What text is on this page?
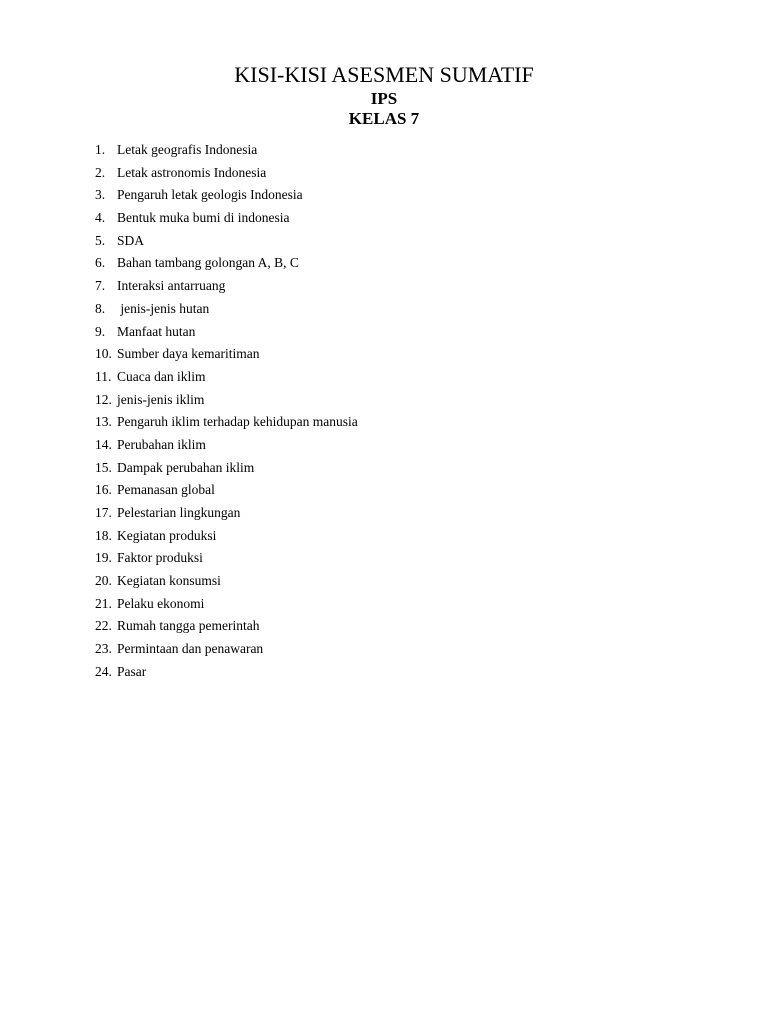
KISI-KISI ASESMEN SUMATIF
IPS
KELAS 7
1. Letak geografis Indonesia
2. Letak astronomis Indonesia
3. Pengaruh letak geologis Indonesia
4. Bentuk muka bumi di indonesia
5. SDA
6. Bahan tambang golongan A, B, C
7. Interaksi antarruang
8. jenis-jenis hutan
9. Manfaat hutan
10. Sumber daya kemaritiman
11. Cuaca dan iklim
12. jenis-jenis iklim
13. Pengaruh iklim terhadap kehidupan manusia
14. Perubahan iklim
15. Dampak perubahan iklim
16. Pemanasan global
17. Pelestarian lingkungan
18. Kegiatan produksi
19. Faktor produksi
20. Kegiatan konsumsi
21. Pelaku ekonomi
22. Rumah tangga pemerintah
23. Permintaan dan penawaran
24. Pasar
